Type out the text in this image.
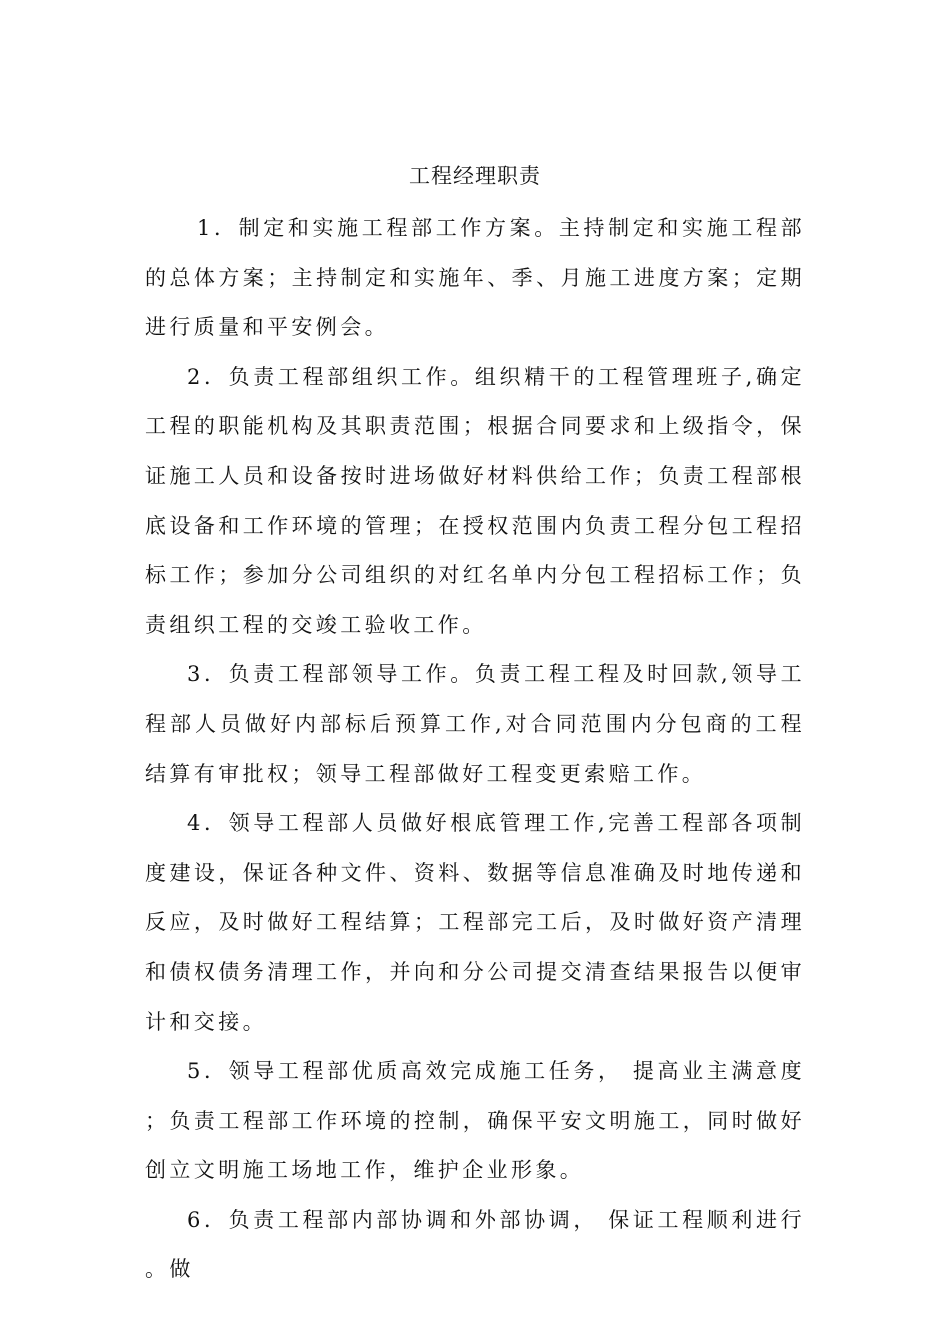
工程经理职责

1．制定和实施工程部工作方案。主持制定和实施工程部的总体方案；主持制定和实施年、季、月施工进度方案；定期进行质量和平安例会。

2．负责工程部组织工作。组织精干的工程管理班子,确定工程的职能机构及其职责范围；根据合同要求和上级指令，保证施工人员和设备按时进场做好材料供给工作；负责工程部根底设备和工作环境的管理；在授权范围内负责工程分包工程招标工作；参加分公司组织的对红名单内分包工程招标工作；负责组织工程的交竣工验收工作。

3．负责工程部领导工作。负责工程工程及时回款,领导工程部人员做好内部标后预算工作,对合同范围内分包商的工程结算有审批权；领导工程部做好工程变更索赔工作。

4．领导工程部人员做好根底管理工作,完善工程部各项制度建设，保证各种文件、资料、数据等信息准确及时地传递和反应，及时做好工程结算；工程部完工后，及时做好资产清理和债权债务清理工作，并向和分公司提交清查结果报告以便审计和交接。

5．领导工程部优质高效完成施工任务， 提高业主满意度；负责工程部工作环境的控制，确保平安文明施工，同时做好创立文明施工场地工作，维护企业形象。

6．负责工程部内部协调和外部协调， 保证工程顺利进行。做
